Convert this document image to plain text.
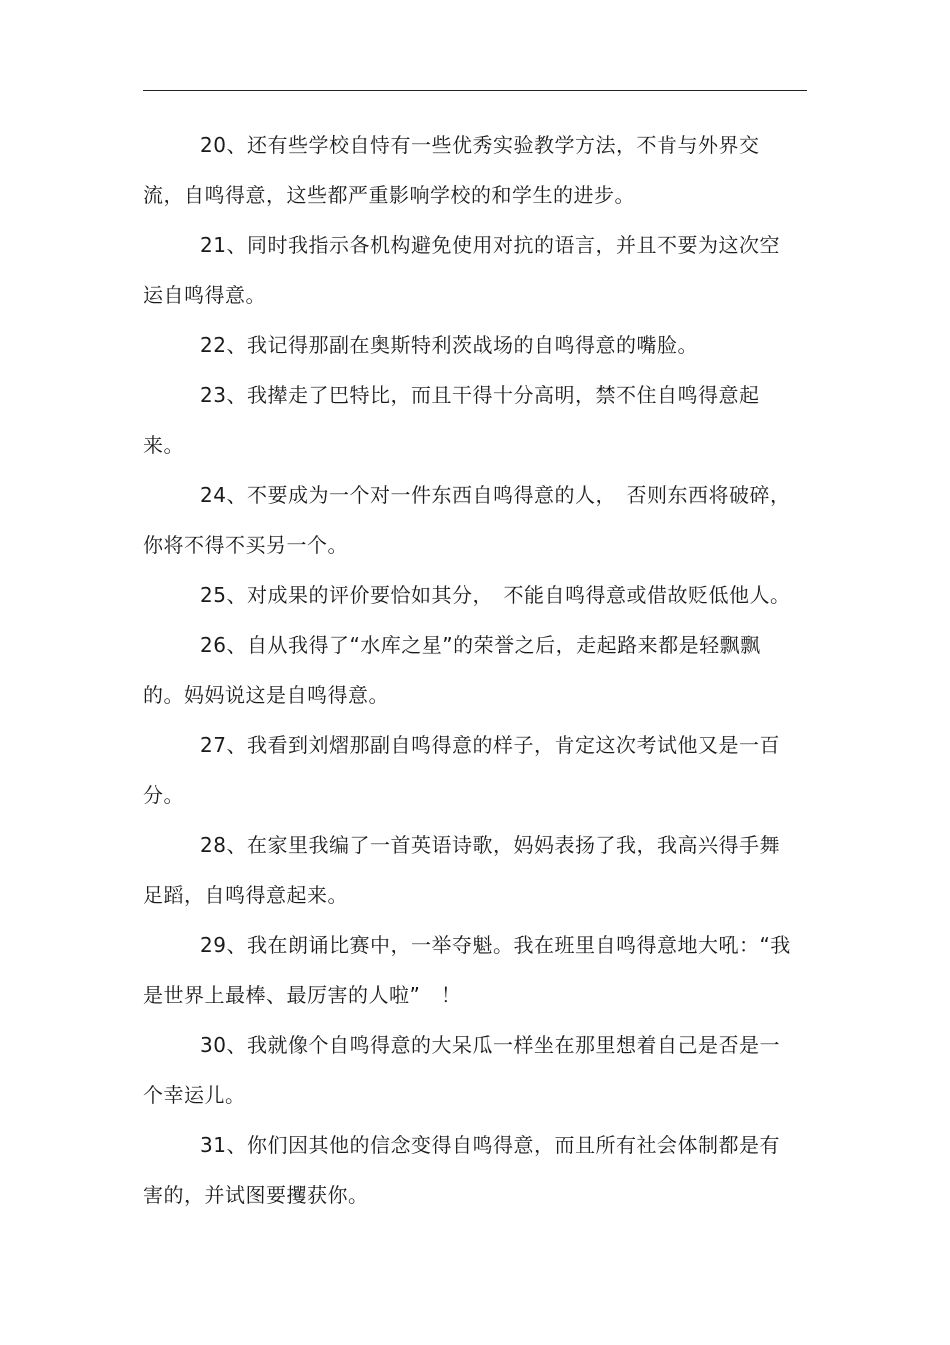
20、还有些学校自恃有一些优秀实验教学方法，不肯与外界交流，自鸣得意，这些都严重影响学校的和学生的进步。

21、同时我指示各机构避免使用对抗的语言，并且不要为这次空运自鸣得意。

22、我记得那副在奥斯特利茨战场的自鸣得意的嘴脸。

23、我撵走了巴特比，而且干得十分高明，禁不住自鸣得意起来。

24、不要成为一个对一件东西自鸣得意的人，　否则东西将破碎，你将不得不买另一个。

25、对成果的评价要恰如其分，　不能自鸣得意或借故贬低他人。

26、自从我得了“水库之星”的荣誉之后，走起路来都是轻飘飘的。妈妈说这是自鸣得意。

27、我看到刘熠那副自鸣得意的样子，肯定这次考试他又是一百分。

28、在家里我编了一首英语诗歌，妈妈表扬了我，我高兴得手舞足蹈，自鸣得意起来。

29、我在朗诵比赛中，一举夺魁。我在班里自鸣得意地大吼：“我是世界上最棒、最厉害的人啦”　！

30、我就像个自鸣得意的大呆瓜一样坐在那里想着自己是否是一个幸运儿。

31、你们因其他的信念变得自鸣得意，而且所有社会体制都是有害的，并试图要攫获你。
